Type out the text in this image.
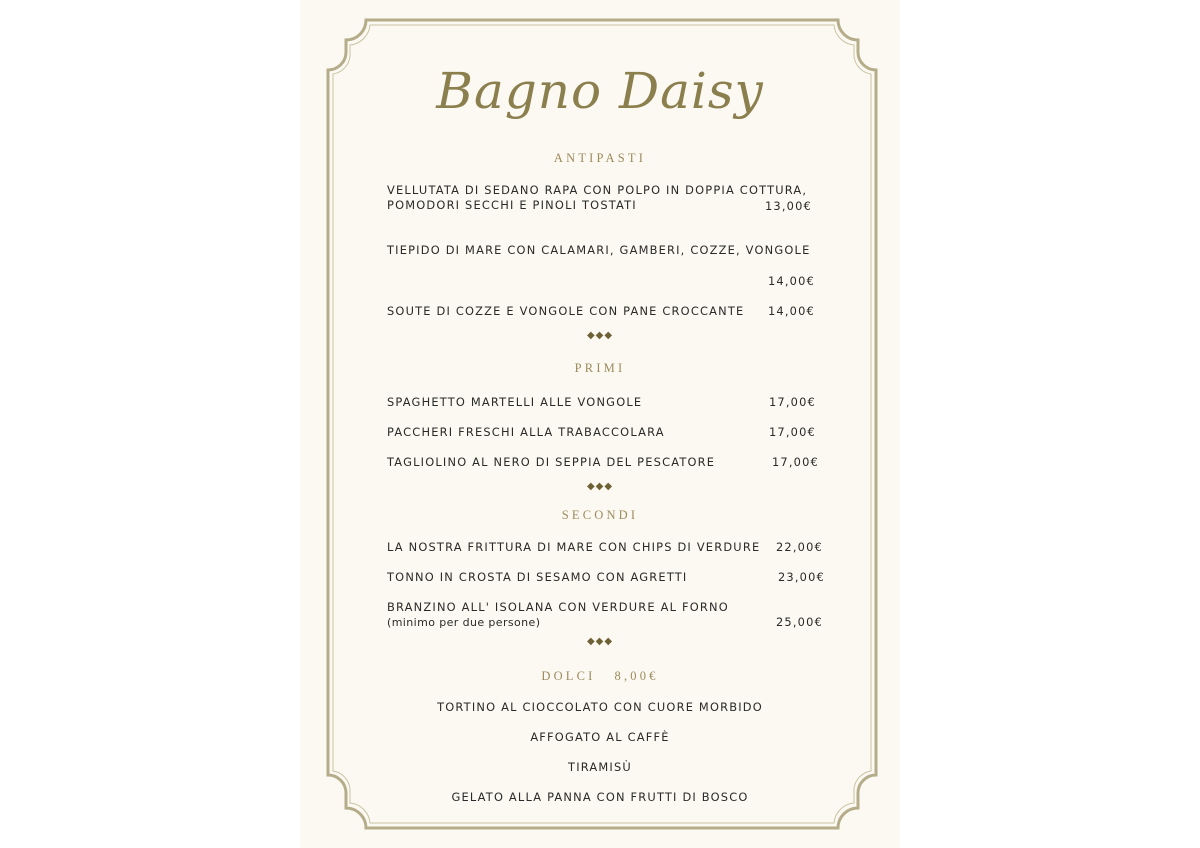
Bagno Daisy
ANTIPASTI
VELLUTATA DI SEDANO RAPA CON POLPO IN DOPPIA COTTURA,
POMODORI SECCHI E PINOLI TOSTATI	13,00€
TIEPIDO DI MARE CON CALAMARI, GAMBERI, COZZE, VONGOLE
14,00€
SOUTE DI COZZE E VONGOLE CON PANE CROCCANTE 14,00€
◆◆◆
PRIMI
SPAGHETTO MARTELLI ALLE VONGOLE	17,00€
PACCHERI FRESCHI ALLA TRABACCOLARA	17,00€
TAGLIOLINO AL NERO DI SEPPIA DEL PESCATORE	17,00€
◆◆◆
SECONDI
LA NOSTRA FRITTURA DI MARE CON CHIPS DI VERDURE 22,00€
TONNO IN CROSTA DI SESAMO CON AGRETTI	23,00€
BRANZINO ALL' ISOLANA CON VERDURE AL FORNO
(minimo per due persone)	25,00€
◆◆◆
DOLCI   8,00€
TORTINO AL CIOCCOLATO CON CUORE MORBIDO
AFFOGATO AL CAFFÈ
TIRAMISÙ
GELATO ALLA PANNA CON FRUTTI DI BOSCO
